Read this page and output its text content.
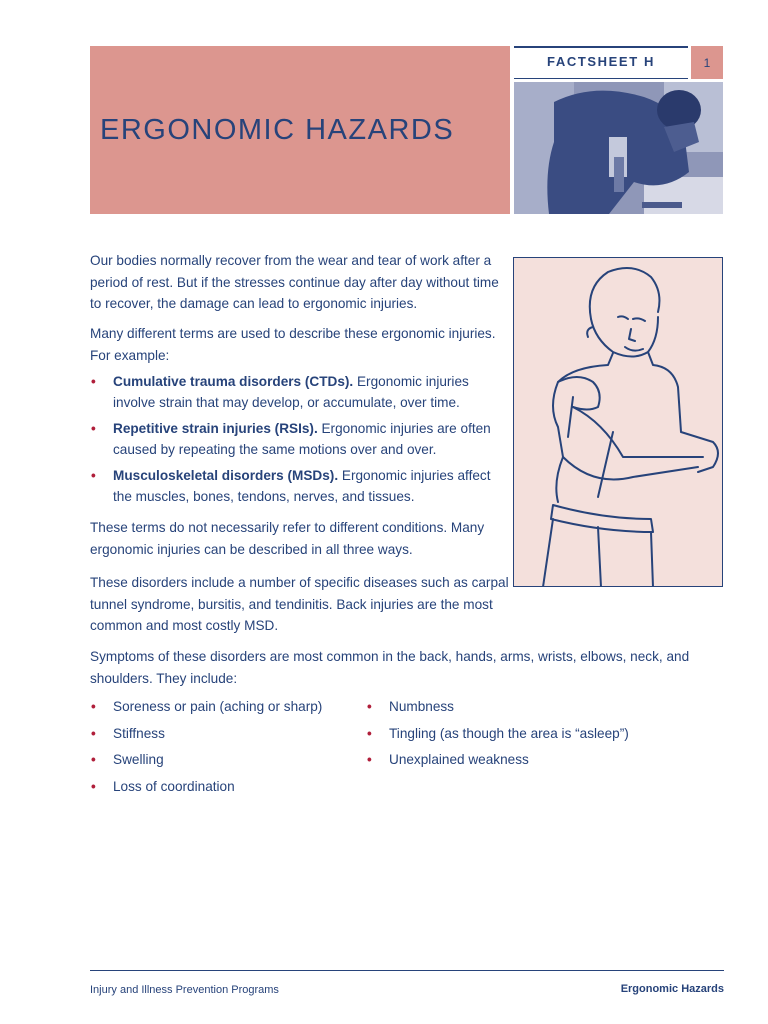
ERGONOMIC HAZARDS
FACTSHEET H	1

Our bodies normally recover from the wear and tear of work after a period of rest. But if the stresses continue day after day without time to recover, the damage can lead to ergonomic injuries.

Many different terms are used to describe these ergonomic injuries. For example:

• Cumulative trauma disorders (CTDs). Ergonomic injuries involve strain that may develop, or accumulate, over time.
• Repetitive strain injuries (RSIs). Ergonomic injuries are often caused by repeating the same motions over and over.
• Musculoskeletal disorders (MSDs). Ergonomic injuries affect the muscles, bones, tendons, nerves, and tissues.

These terms do not necessarily refer to different conditions. Many ergonomic injuries can be described in all three ways.

These disorders include a number of specific diseases such as carpal tunnel syndrome, bursitis, and tendinitis. Back injuries are the most common and most costly MSD.

Symptoms of these disorders are most common in the back, hands, arms, wrists, elbows, neck, and shoulders. They include:

• Soreness or pain (aching or sharp)
• Stiffness
• Swelling
• Loss of coordination
• Numbness
• Tingling (as though the area is “asleep”)
• Unexplained weakness
Injury and Illness Prevention Programs	Ergonomic Hazards
